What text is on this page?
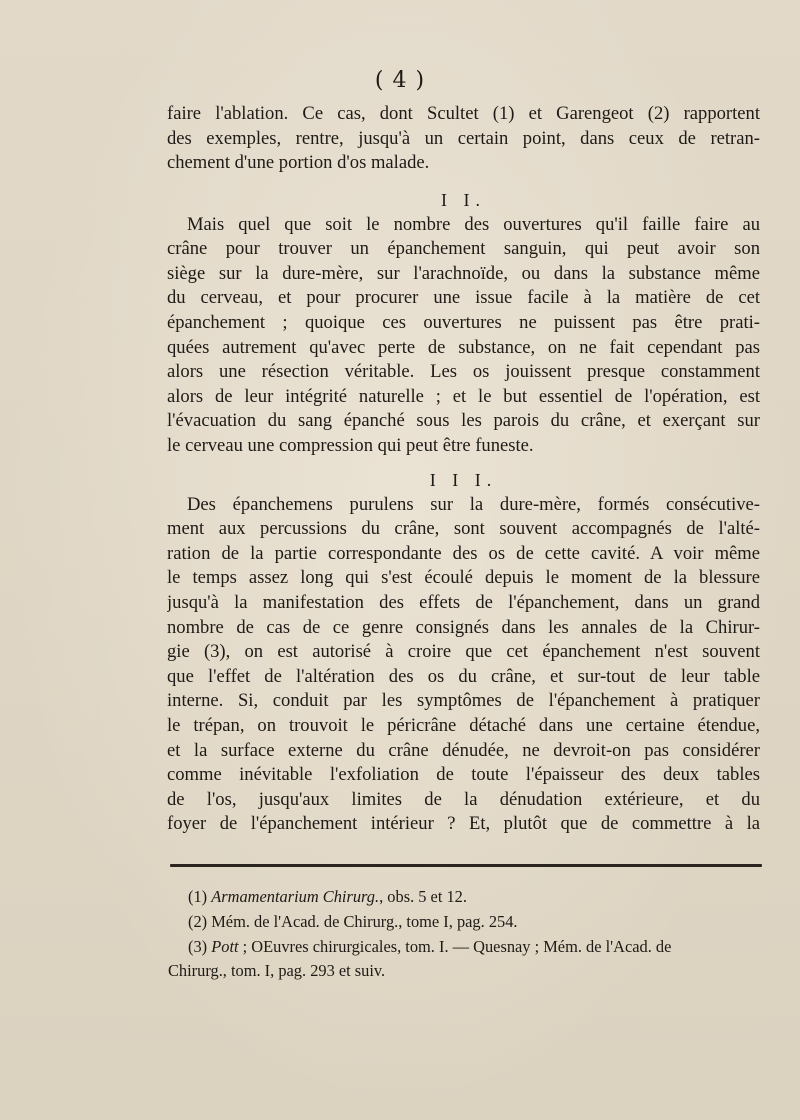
( 4 )
faire l'ablation. Ce cas, dont Scultet (1) et Garengeot (2) rapportent
des exemples, rentre, jusqu'à un certain point, dans ceux de retran-
chement d'une portion d'os malade.
I I.
Mais quel que soit le nombre des ouvertures qu'il faille faire au
crâne pour trouver un épanchement sanguin, qui peut avoir son
siège sur la dure-mère, sur l'arachnoïde, ou dans la substance même
du cerveau, et pour procurer une issue facile à la matière de cet
épanchement ; quoique ces ouvertures ne puissent pas être prati-
quées autrement qu'avec perte de substance, on ne fait cependant pas
alors une résection véritable. Les os jouissent presque constamment
alors de leur intégrité naturelle ; et le but essentiel de l'opération, est
l'évacuation du sang épanché sous les parois du crâne, et exerçant sur
le cerveau une compression qui peut être funeste.
I I I.
Des épanchemens purulens sur la dure-mère, formés consécutive-
ment aux percussions du crâne, sont souvent accompagnés de l'alté-
ration de la partie correspondante des os de cette cavité. A voir même
le temps assez long qui s'est écoulé depuis le moment de la blessure
jusqu'à la manifestation des effets de l'épanchement, dans un grand
nombre de cas de ce genre consignés dans les annales de la Chirur-
gie (3), on est autorisé à croire que cet épanchement n'est souvent
que l'effet de l'altération des os du crâne, et sur-tout de leur table
interne. Si, conduit par les symptômes de l'épanchement à pratiquer
le trépan, on trouvoit le péricrâne détaché dans une certaine étendue,
et la surface externe du crâne dénudée, ne devroit-on pas considérer
comme inévitable l'exfoliation de toute l'épaisseur des deux tables
de l'os, jusqu'aux limites de la dénudation extérieure, et du
foyer de l'épanchement intérieur ? Et, plutôt que de commettre à la
(1) Armamentarium Chirurg., obs. 5 et 12.
(2) Mém. de l'Acad. de Chirurg., tome I, pag. 254.
(3) Pott ; OEuvres chirurgicales, tom. I. — Quesnay ; Mém. de l'Acad. de
Chirurg., tom. I, pag. 293 et suiv.
